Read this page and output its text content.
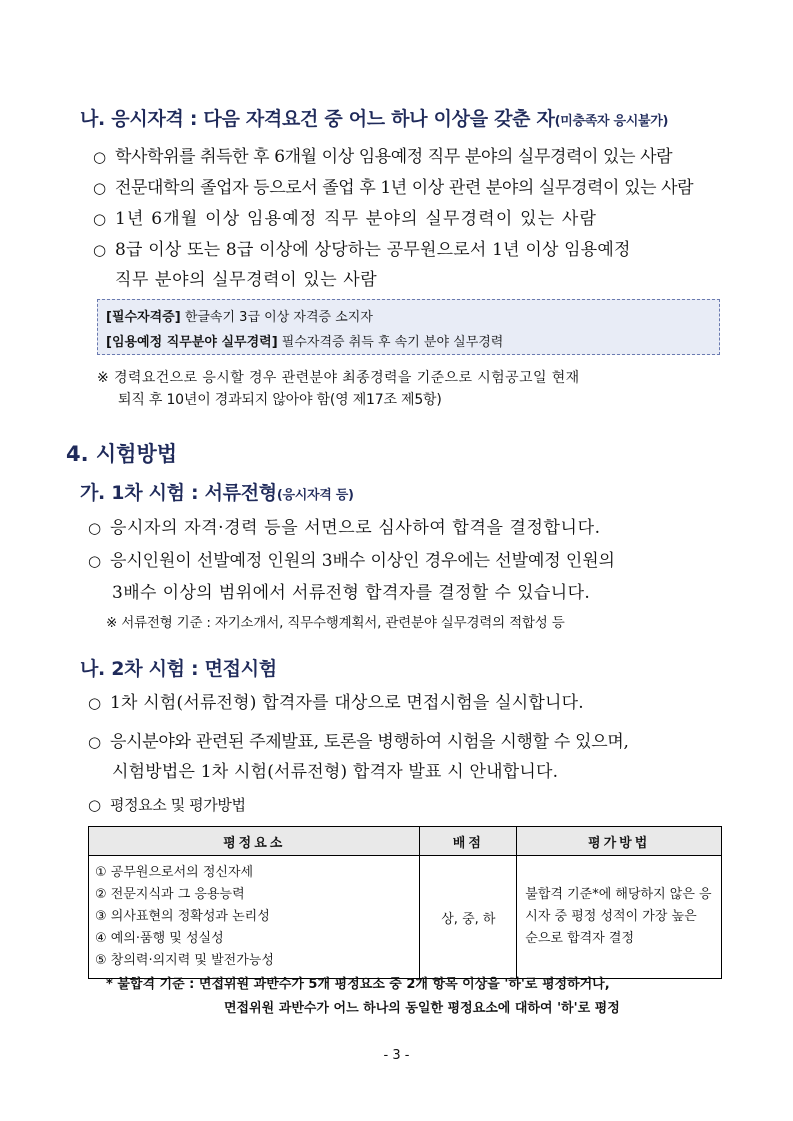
나. 응시자격 : 다음 자격요건 중 어느 하나 이상을 갖춘 자(미충족자 응시불가)
○ 학사학위를 취득한 후 6개월 이상 임용예정 직무 분야의 실무경력이 있는 사람
○ 전문대학의 졸업자 등으로서 졸업 후 1년 이상 관련 분야의 실무경력이 있는 사람
○ 1년 6개월 이상 임용예정 직무 분야의 실무경력이 있는 사람
○ 8급 이상 또는 8급 이상에 상당하는 공무원으로서 1년 이상 임용예정
직무 분야의 실무경력이 있는 사람
[필수자격증] 한글속기 3급 이상 자격증 소지자
[임용예정 직무분야 실무경력] 필수자격증 취득 후 속기 분야 실무경력
※ 경력요건으로 응시할 경우 관련분야 최종경력을 기준으로 시험공고일 현재
퇴직 후 10년이 경과되지 않아야 함(영 제17조 제5항)
4. 시험방법
가. 1차 시험 : 서류전형(응시자격 등)
○ 응시자의 자격·경력 등을 서면으로 심사하여 합격을 결정합니다.
○ 응시인원이 선발예정 인원의 3배수 이상인 경우에는 선발예정 인원의
3배수 이상의 범위에서 서류전형 합격자를 결정할 수 있습니다.
※ 서류전형 기준 : 자기소개서, 직무수행계획서, 관련분야 실무경력의 적합성 등
나. 2차 시험 : 면접시험
○ 1차 시험(서류전형) 합격자를 대상으로 면접시험을 실시합니다.
○ 응시분야와 관련된 주제발표, 토론을 병행하여 시험을 시행할 수 있으며,
시험방법은 1차 시험(서류전형) 합격자 발표 시 안내합니다.
○ 평정요소 및 평가방법
평정요소	배점	평가방법

① 공무원으로서의 정신자세
② 전문지식과 그 응용능력
③ 의사표현의 정확성과 논리성
④ 예의·품행 및 성실성
⑤ 창의력·의지력 및 발전가능성	상, 중, 하	불합격 기준*에 해당하지 않은 응시자 중 평정 성적이 가장 높은 순으로 합격자 결정
* 불합격 기준 : 면접위원 과반수가 5개 평정요소 중 2개 항목 이상을 '하'로 평정하거나,
면접위원 과반수가 어느 하나의 동일한 평정요소에 대하여 '하'로 평정
- 3 -
